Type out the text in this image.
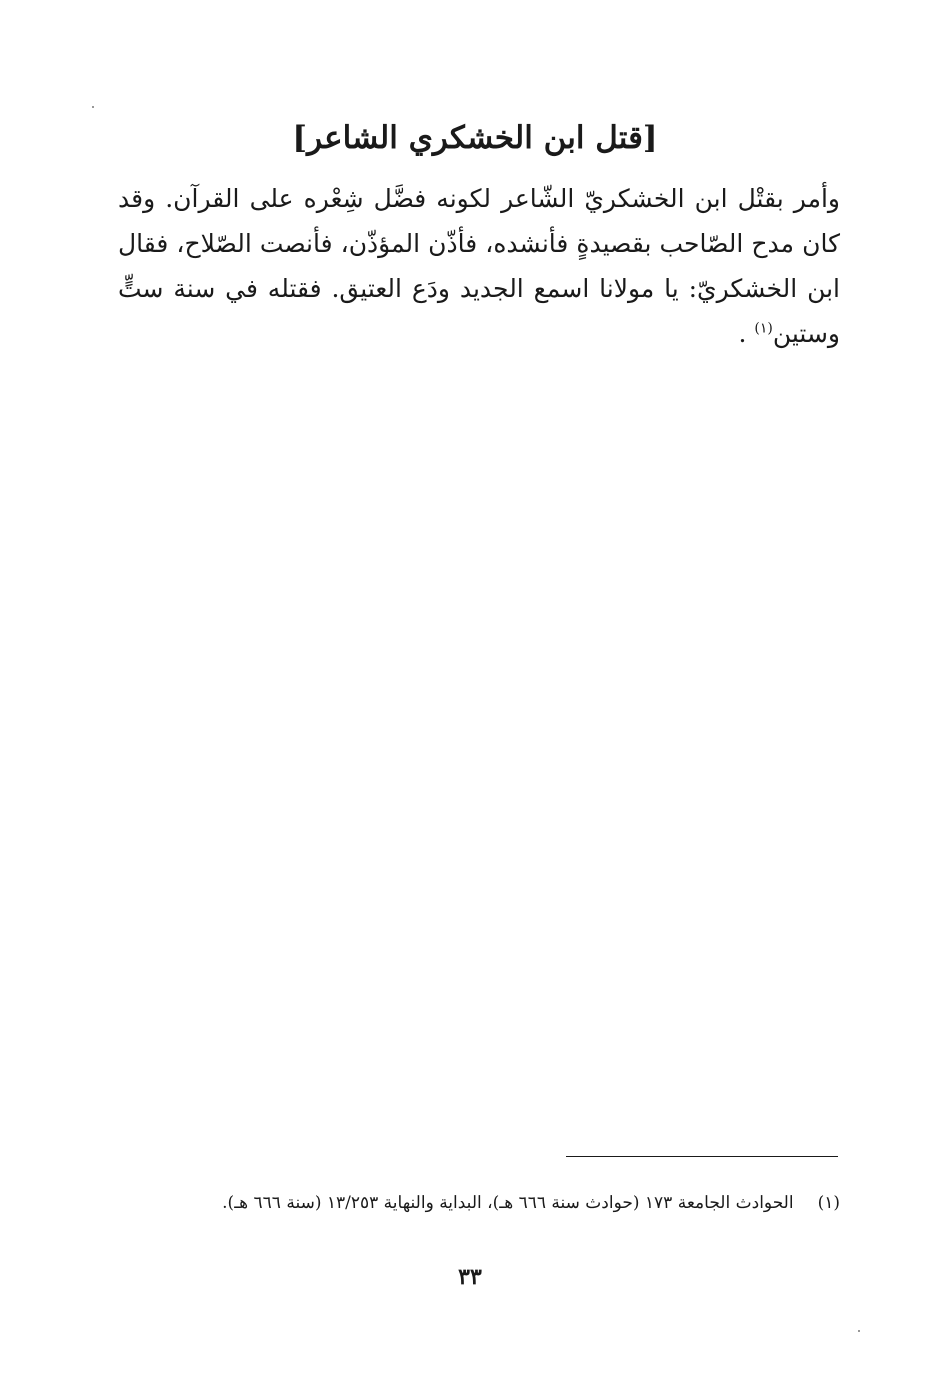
[قتل ابن الخشكري الشاعر]

وأمر بقتْل ابن الخشكريّ الشّاعر لكونه فضَّل شِعْره على القرآن. وقد كان مدح الصّاحب بقصيدةٍ فأنشده، فأذّن المؤذّن، فأنصت الصّلاح، فقال ابن الخشكريّ: يا مولانا اسمع الجديد ودَع العتيق. فقتله في سنة ستٍّ وستين$^{(١)}$ .

(١)الحوادث الجامعة ١٧٣ (حوادث سنة ٦٦٦ هـ)، البداية والنهاية ١٣/٢٥٣ (سنة ٦٦٦ هـ).

٣٣
